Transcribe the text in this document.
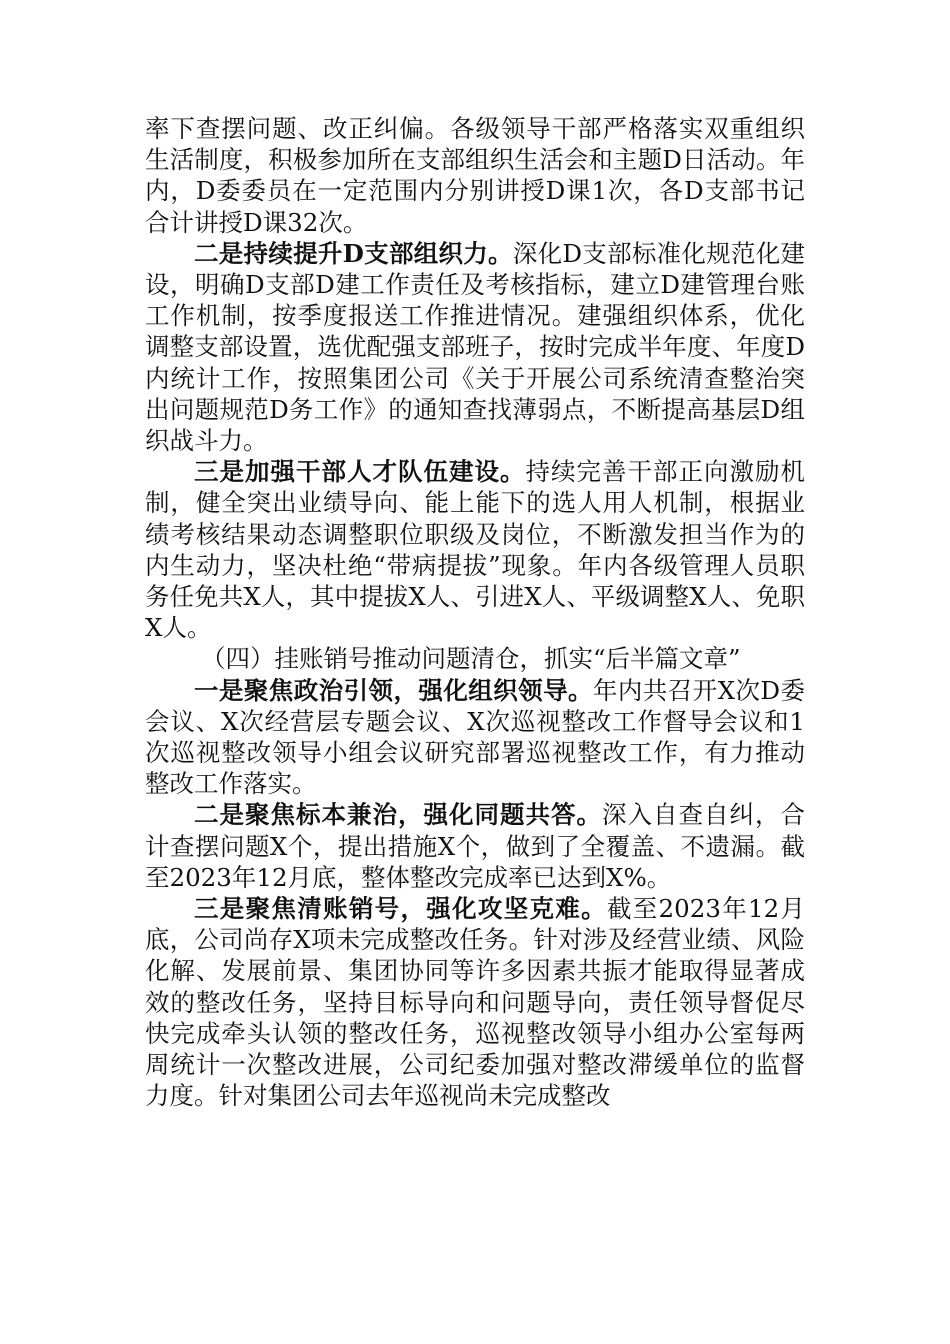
率下查摆问题、改正纠偏。各级领导干部严格落实双重组织生活制度，积极参加所在支部组织生活会和主题D日活动。年内，D委委员在一定范围内分别讲授D课1次，各D支部书记合计讲授D课32次。

二是持续提升D支部组织力。深化D支部标准化规范化建设，明确D支部D建工作责任及考核指标，建立D建管理台账工作机制，按季度报送工作推进情况。建强组织体系，优化调整支部设置，选优配强支部班子，按时完成半年度、年度D内统计工作，按照集团公司《关于开展公司系统清查整治突出问题规范D务工作》的通知查找薄弱点，不断提高基层D组织战斗力。

三是加强干部人才队伍建设。持续完善干部正向激励机制，健全突出业绩导向、能上能下的选人用人机制，根据业绩考核结果动态调整职位职级及岗位，不断激发担当作为的内生动力，坚决杜绝“带病提拔”现象。年内各级管理人员职务任免共X人，其中提拔X人、引进X人、平级调整X人、免职X人。

（四）挂账销号推动问题清仓，抓实“后半篇文章”

一是聚焦政治引领，强化组织领导。年内共召开X次D委会议、X次经营层专题会议、X次巡视整改工作督导会议和1次巡视整改领导小组会议研究部署巡视整改工作，有力推动整改工作落实。

二是聚焦标本兼治，强化同题共答。深入自查自纠，合计查摆问题X个，提出措施X个，做到了全覆盖、不遗漏。截至2023年12月底，整体整改完成率已达到X%。

三是聚焦清账销号，强化攻坚克难。截至2023年12月底，公司尚存X项未完成整改任务。针对涉及经营业绩、风险化解、发展前景、集团协同等许多因素共振才能取得显著成效的整改任务，坚持目标导向和问题导向，责任领导督促尽快完成牵头认领的整改任务，巡视整改领导小组办公室每两周统计一次整改进展，公司纪委加强对整改滞缓单位的监督力度。针对集团公司去年巡视尚未完成整改
